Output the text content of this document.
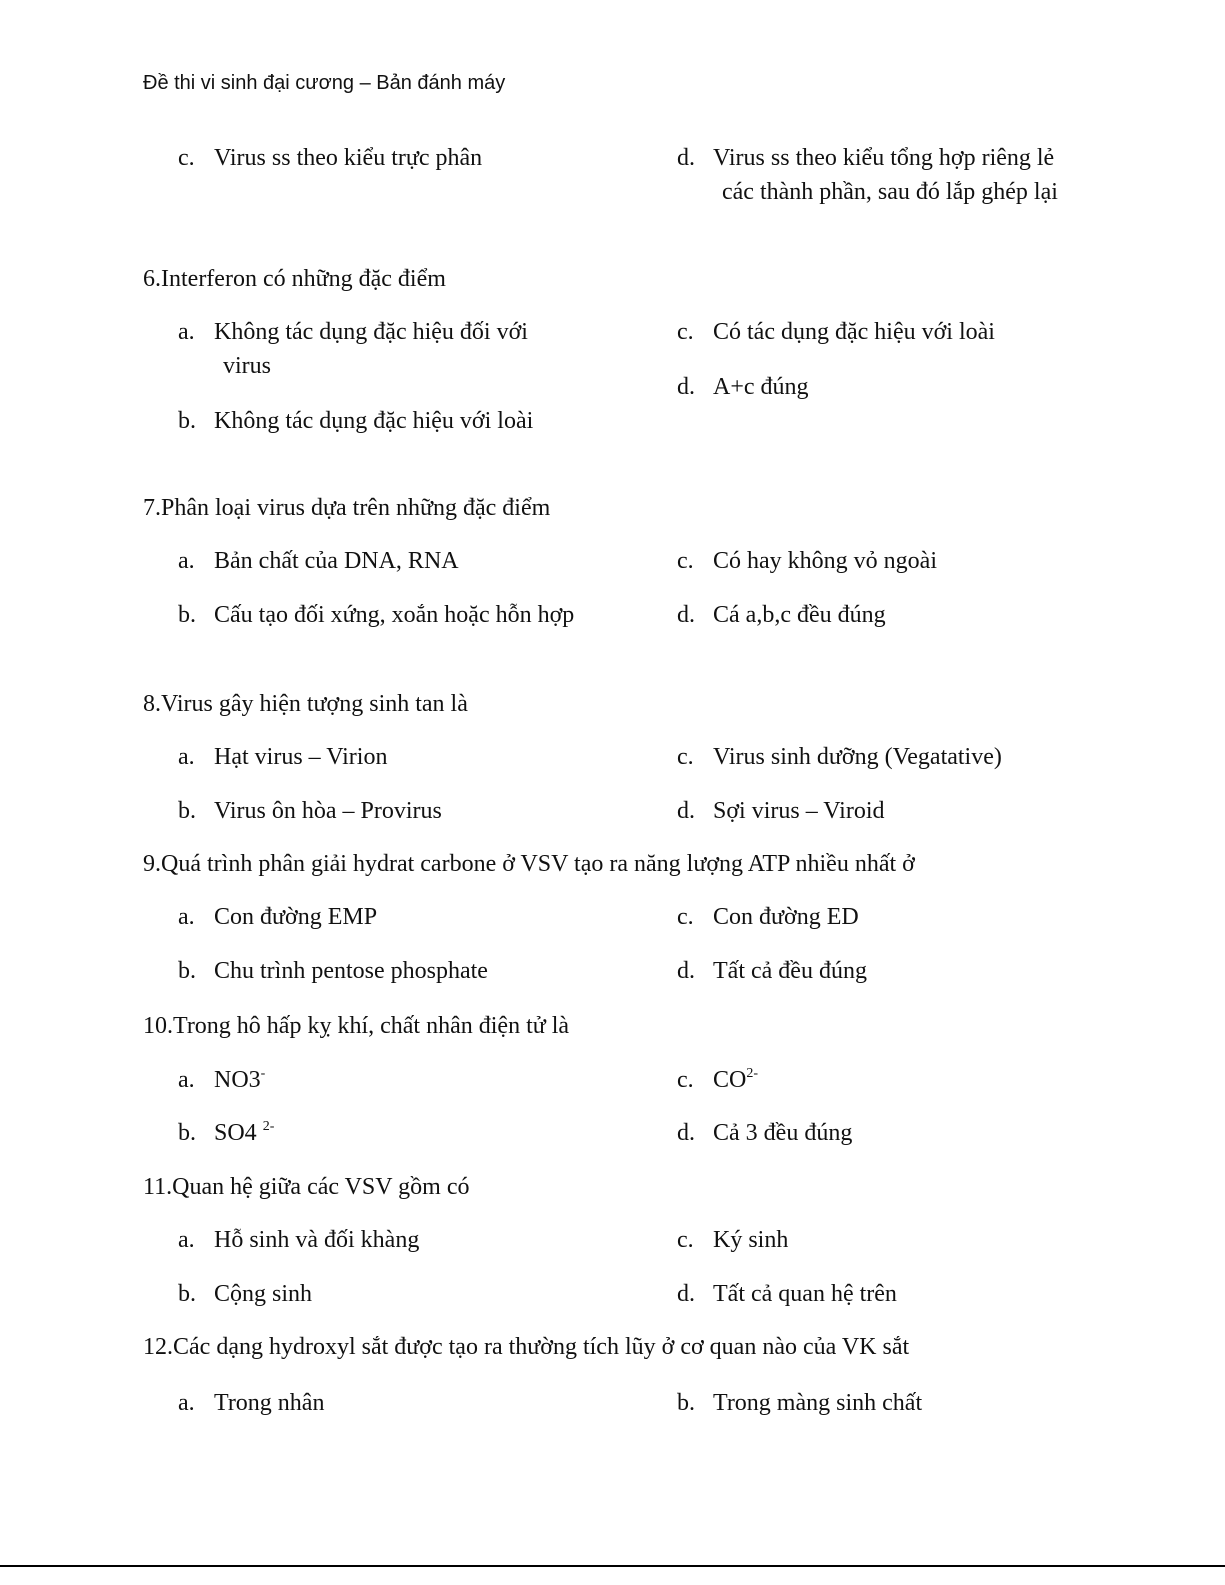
Đề thi vi sinh đại cương – Bản đánh máy
c. Virus ss theo kiểu trực phân	d. Virus ss theo kiểu tổng hợp riêng lẻ các thành phần, sau đó lắp ghép lại
6.Interferon có những đặc điểm
a. Không tác dụng đặc hiệu đối với virus
b. Không tác dụng đặc hiệu với loài
c. Có tác dụng đặc hiệu với loài
d. A+c đúng
7.Phân loại virus dựa trên những đặc điểm
a. Bản chất của DNA, RNA
b. Cấu tạo đối xứng, xoắn hoặc hỗn hợp
c. Có hay không vỏ ngoài
d. Cá a,b,c đều đúng
8.Virus gây hiện tượng sinh tan là
a. Hạt virus – Virion
b. Virus ôn hòa – Provirus
c. Virus sinh dưỡng (Vegatative)
d. Sợi virus – Viroid
9.Quá trình phân giải hydrat carbone ở VSV tạo ra năng lượng ATP nhiều nhất ở
a. Con đường EMP
b. Chu trình pentose phosphate
c. Con đường ED
d. Tất cả đều đúng
10.Trong hô hấp kỵ khí, chất nhân điện tử là
a. NO3-
b. SO4 $^{2-}$
c. $CO^{2-}$
d. Cả 3 đều đúng
11.Quan hệ giữa các VSV gồm có
a. Hỗ sinh và đối khàng
b. Cộng sinh
c. Ký sinh
d. Tất cả quan hệ trên
12.Các dạng hydroxyl sắt được tạo ra thường tích lũy ở cơ quan nào của VK sắt
a. Trong nhân	b. Trong màng sinh chất
